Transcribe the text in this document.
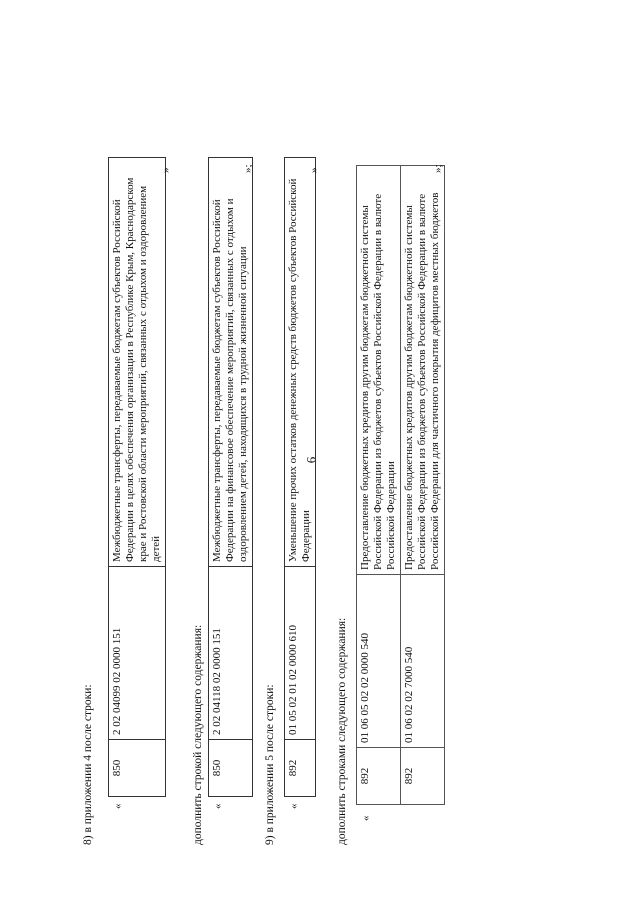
6
8) в приложении 4 после строки: «
850	2 02 04099 02 0000 151	Межбюджетные трансферты, передаваемые бюджетам субъектов Российской Федерации в целях обеспечения организации в Республике Крым, Краснодарском крае и Ростовской области мероприятий, связанных с отдыхом и оздоровлением детей
»
дополнить строкой следующего содержания: «
850	2 02 04118 02 0000 151	Межбюджетные трансферты, передаваемые бюджетам субъектов Российской Федерации на финансовое обеспечение мероприятий, связанных с отдыхом и оздоровлением детей, находящихся в трудной жизненной ситуации
»;
9) в приложении 5 после строки: «
892	01 05 02 01 02 0000 610	Уменьшение прочих остатков денежных средств бюджетов субъектов Российской Федерации
»
дополнить строками следующего содержания: «
892	01 06 05 02 02 0000 540	Предоставление бюджетных кредитов другим бюджетам бюджетной системы Российской Федерации из бюджетов субъектов Российской Федерации в валюте Российской Федерации
892	01 06 02 02 7000 540	Предоставление бюджетных кредитов другим бюджетам бюджетной системы Российской Федерации из бюджетов субъектов Российской Федерации в валюте Российской Федерации для частичного покрытия дефицитов местных бюджетов
»;
